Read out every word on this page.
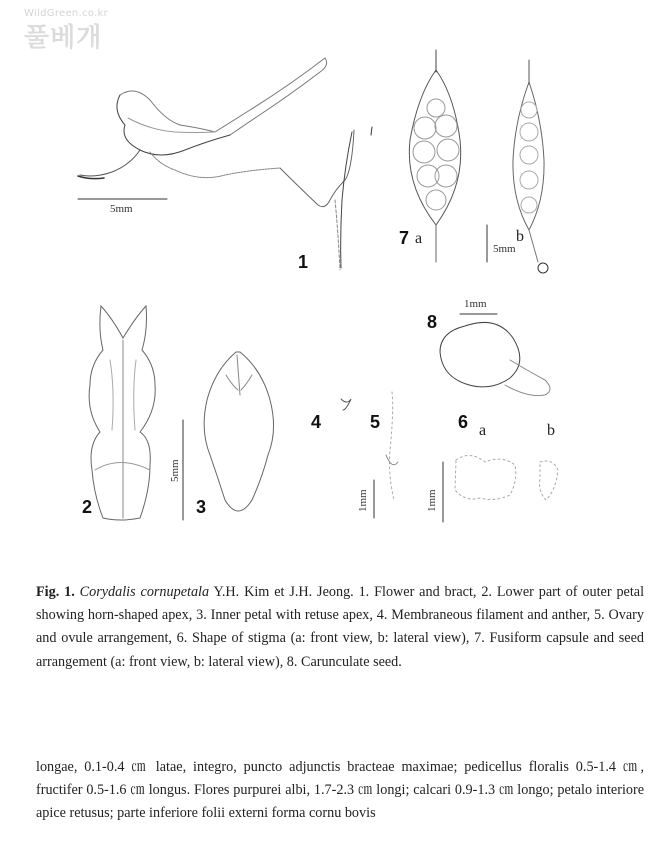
WildGreen.co.kr
풀베개
1
2	3
4	5	6
7
8
a	b
a	b
5mm
5mm
1mm
5mm
1mm	1mm
Fig. 1. Corydalis cornupetala Y.H. Kim et J.H. Jeong. 1. Flower and bract, 2. Lower part of outer petal showing horn-shaped apex, 3. Inner petal with retuse apex, 4. Membraneous filament and anther, 5. Ovary and ovule arrangement, 6. Shape of stigma (a: front view, b: lateral view), 7. Fusiform capsule and seed arrangement (a: front view, b: lateral view), 8. Carunculate seed.
longae, 0.1-0.4 ㎝ latae, integro, puncto adjunctis bracteae maximae; pedicellus floralis 0.5-1.4 ㎝, fructifer 0.5-1.6 ㎝ longus. Flores purpurei albi, 1.7-2.3 ㎝ longi; calcari 0.9-1.3 ㎝ longo; petalo interiore apice retusus; parte inferiore folii externi forma cornu bovis
